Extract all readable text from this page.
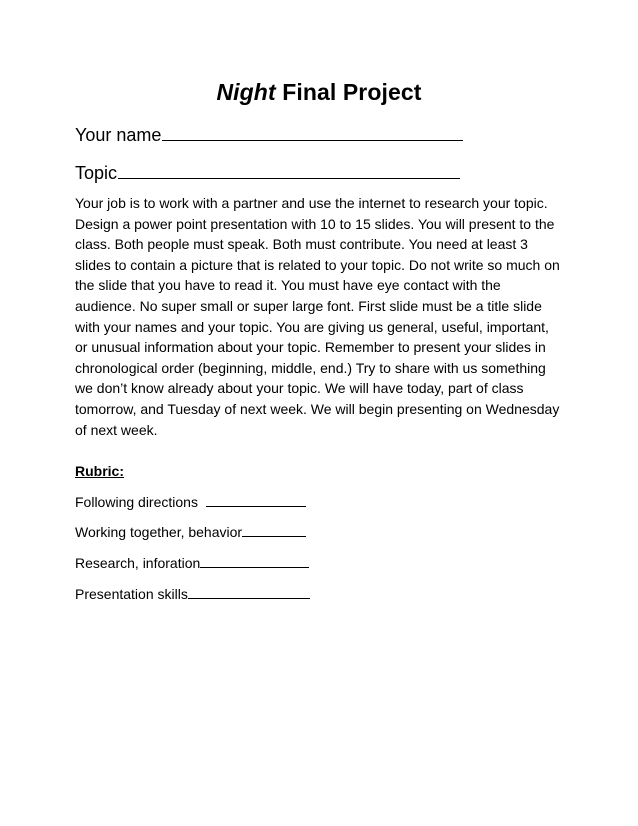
Night Final Project
Your name
Topic
Your job is to work with a partner and use the internet to research your topic. Design a power point presentation with 10 to 15 slides. You will present to the class. Both people must speak. Both must contribute. You need at least 3 slides to contain a picture that is related to your topic. Do not write so much on the slide that you have to read it. You must have eye contact with the audience. No super small or super large font. First slide must be a title slide with your names and your topic. You are giving us general, useful, important, or unusual information about your topic. Remember to present your slides in chronological order (beginning, middle, end.) Try to share with us something we don’t know already about your topic. We will have today, part of class tomorrow, and Tuesday of next week. We will begin presenting on Wednesday of next week.
Rubric:
Following directions
Working together, behavior
Research, inforation
Presentation skills
